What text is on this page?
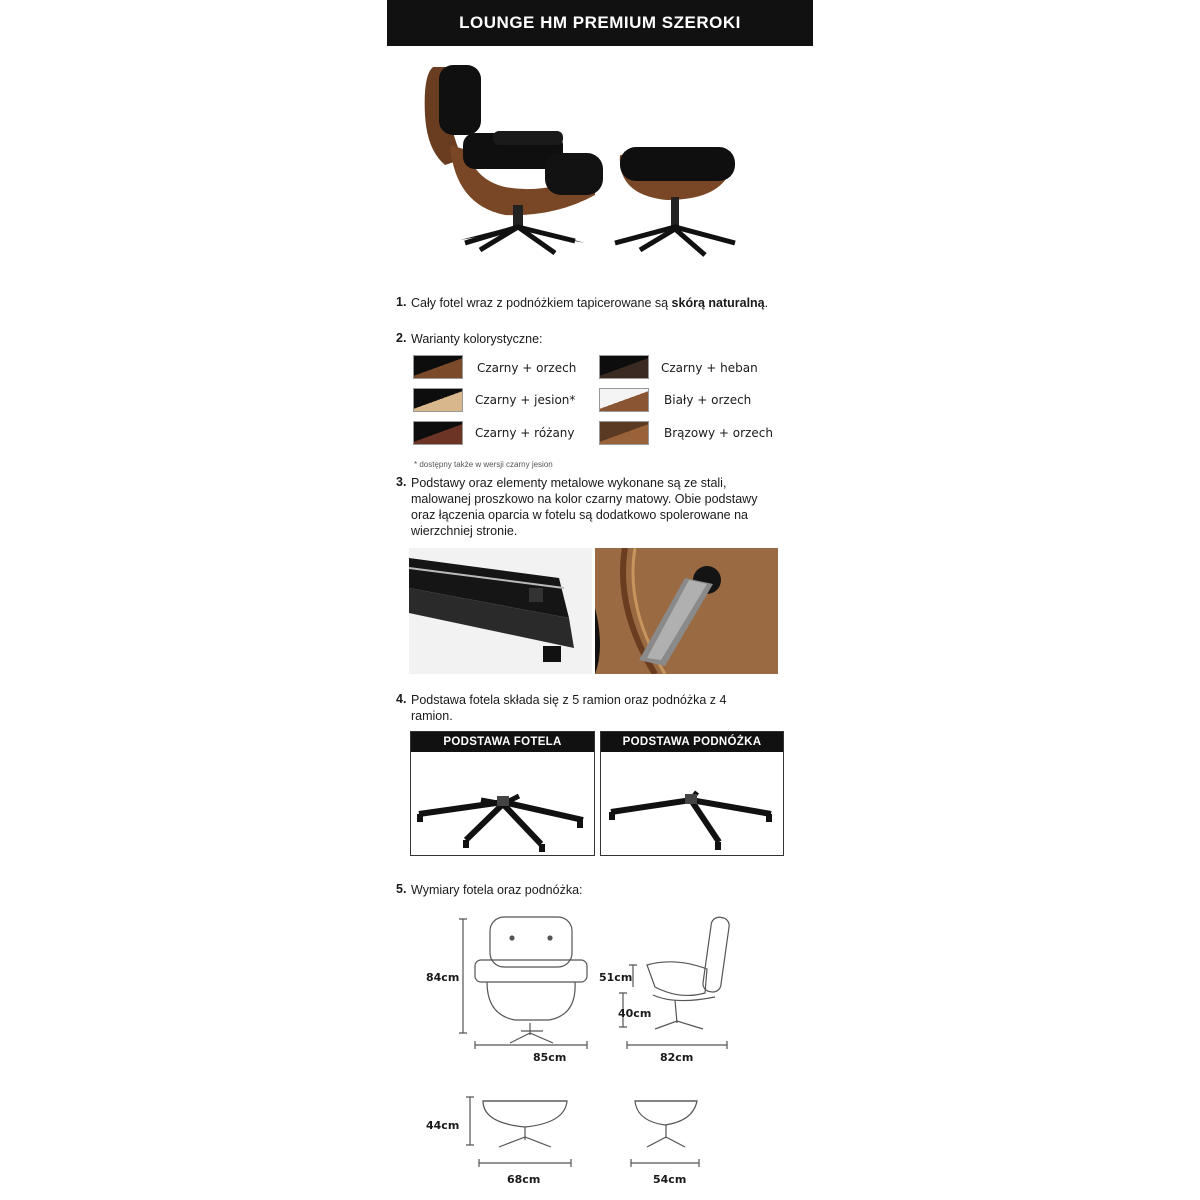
LOUNGE HM PREMIUM SZEROKI
1. Cały fotel wraz z podnóżkiem tapicerowane są skórą naturalną.
2. Warianty kolorystyczne:
Czarny + orzech
Czarny + jesion*
Czarny + różany
Czarny + heban
Biały + orzech
Brązowy + orzech
* dostępny także w wersji czarny jesion
3. Podstawy oraz elementy metalowe wykonane są ze stali,
malowanej proszkowo na kolor czarny matowy. Obie podstawy
oraz łączenia oparcia w fotelu są dodatkowo spolerowane na
wierzchniej stronie.
4. Podstawa fotela składa się z 5 ramion oraz podnóżka z 4
ramion.
PODSTAWA FOTELA	PODSTAWA PODNÓŻKA
5. Wymiary fotela oraz podnóżka:
84cm
85cm
51cm
40cm
82cm
44cm
68cm	54cm
